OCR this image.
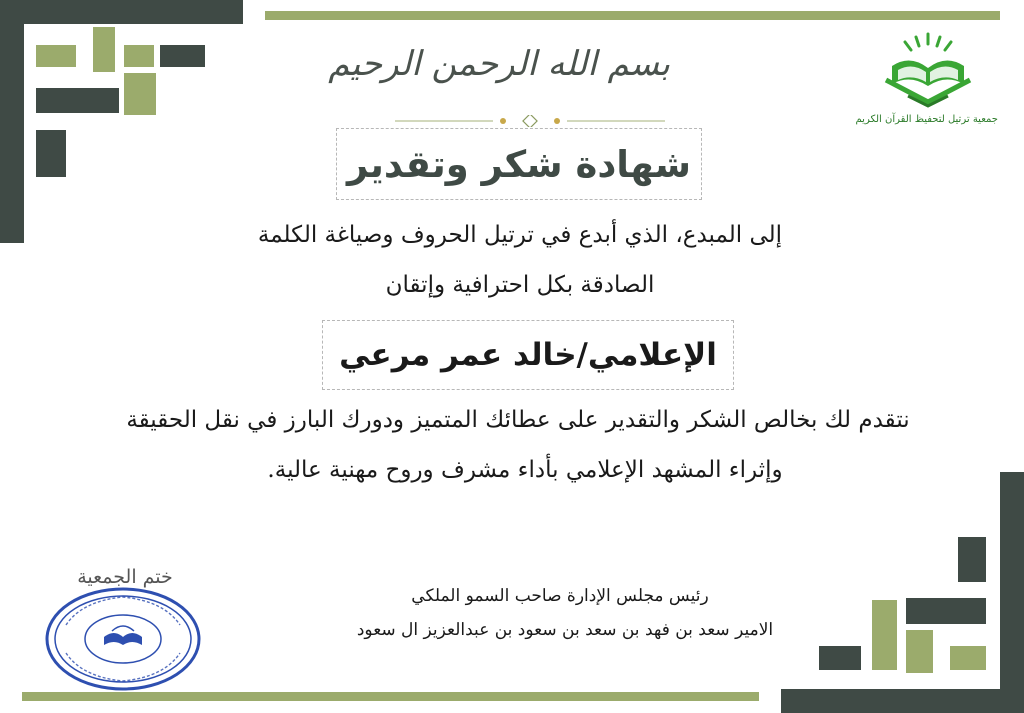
جمعية ترتيل لتحفيظ القرآن الكريم
بسم الله الرحمن الرحيم
شهادة شكر وتقدير
إلى المبدع، الذي أبدع في ترتيل الحروف وصياغة الكلمة
الصادقة بكل احترافية وإتقان
الإعلامي/خالد عمر مرعي
نتقدم لك بخالص الشكر والتقدير على عطائك المتميز ودورك البارز في نقل الحقيقة
وإثراء المشهد الإعلامي بأداء مشرف وروح مهنية عالية.
رئيس مجلس الإدارة صاحب السمو الملكي
الامير سعد بن فهد بن سعد بن سعود بن عبدالعزيز ال سعود
ختم الجمعية
